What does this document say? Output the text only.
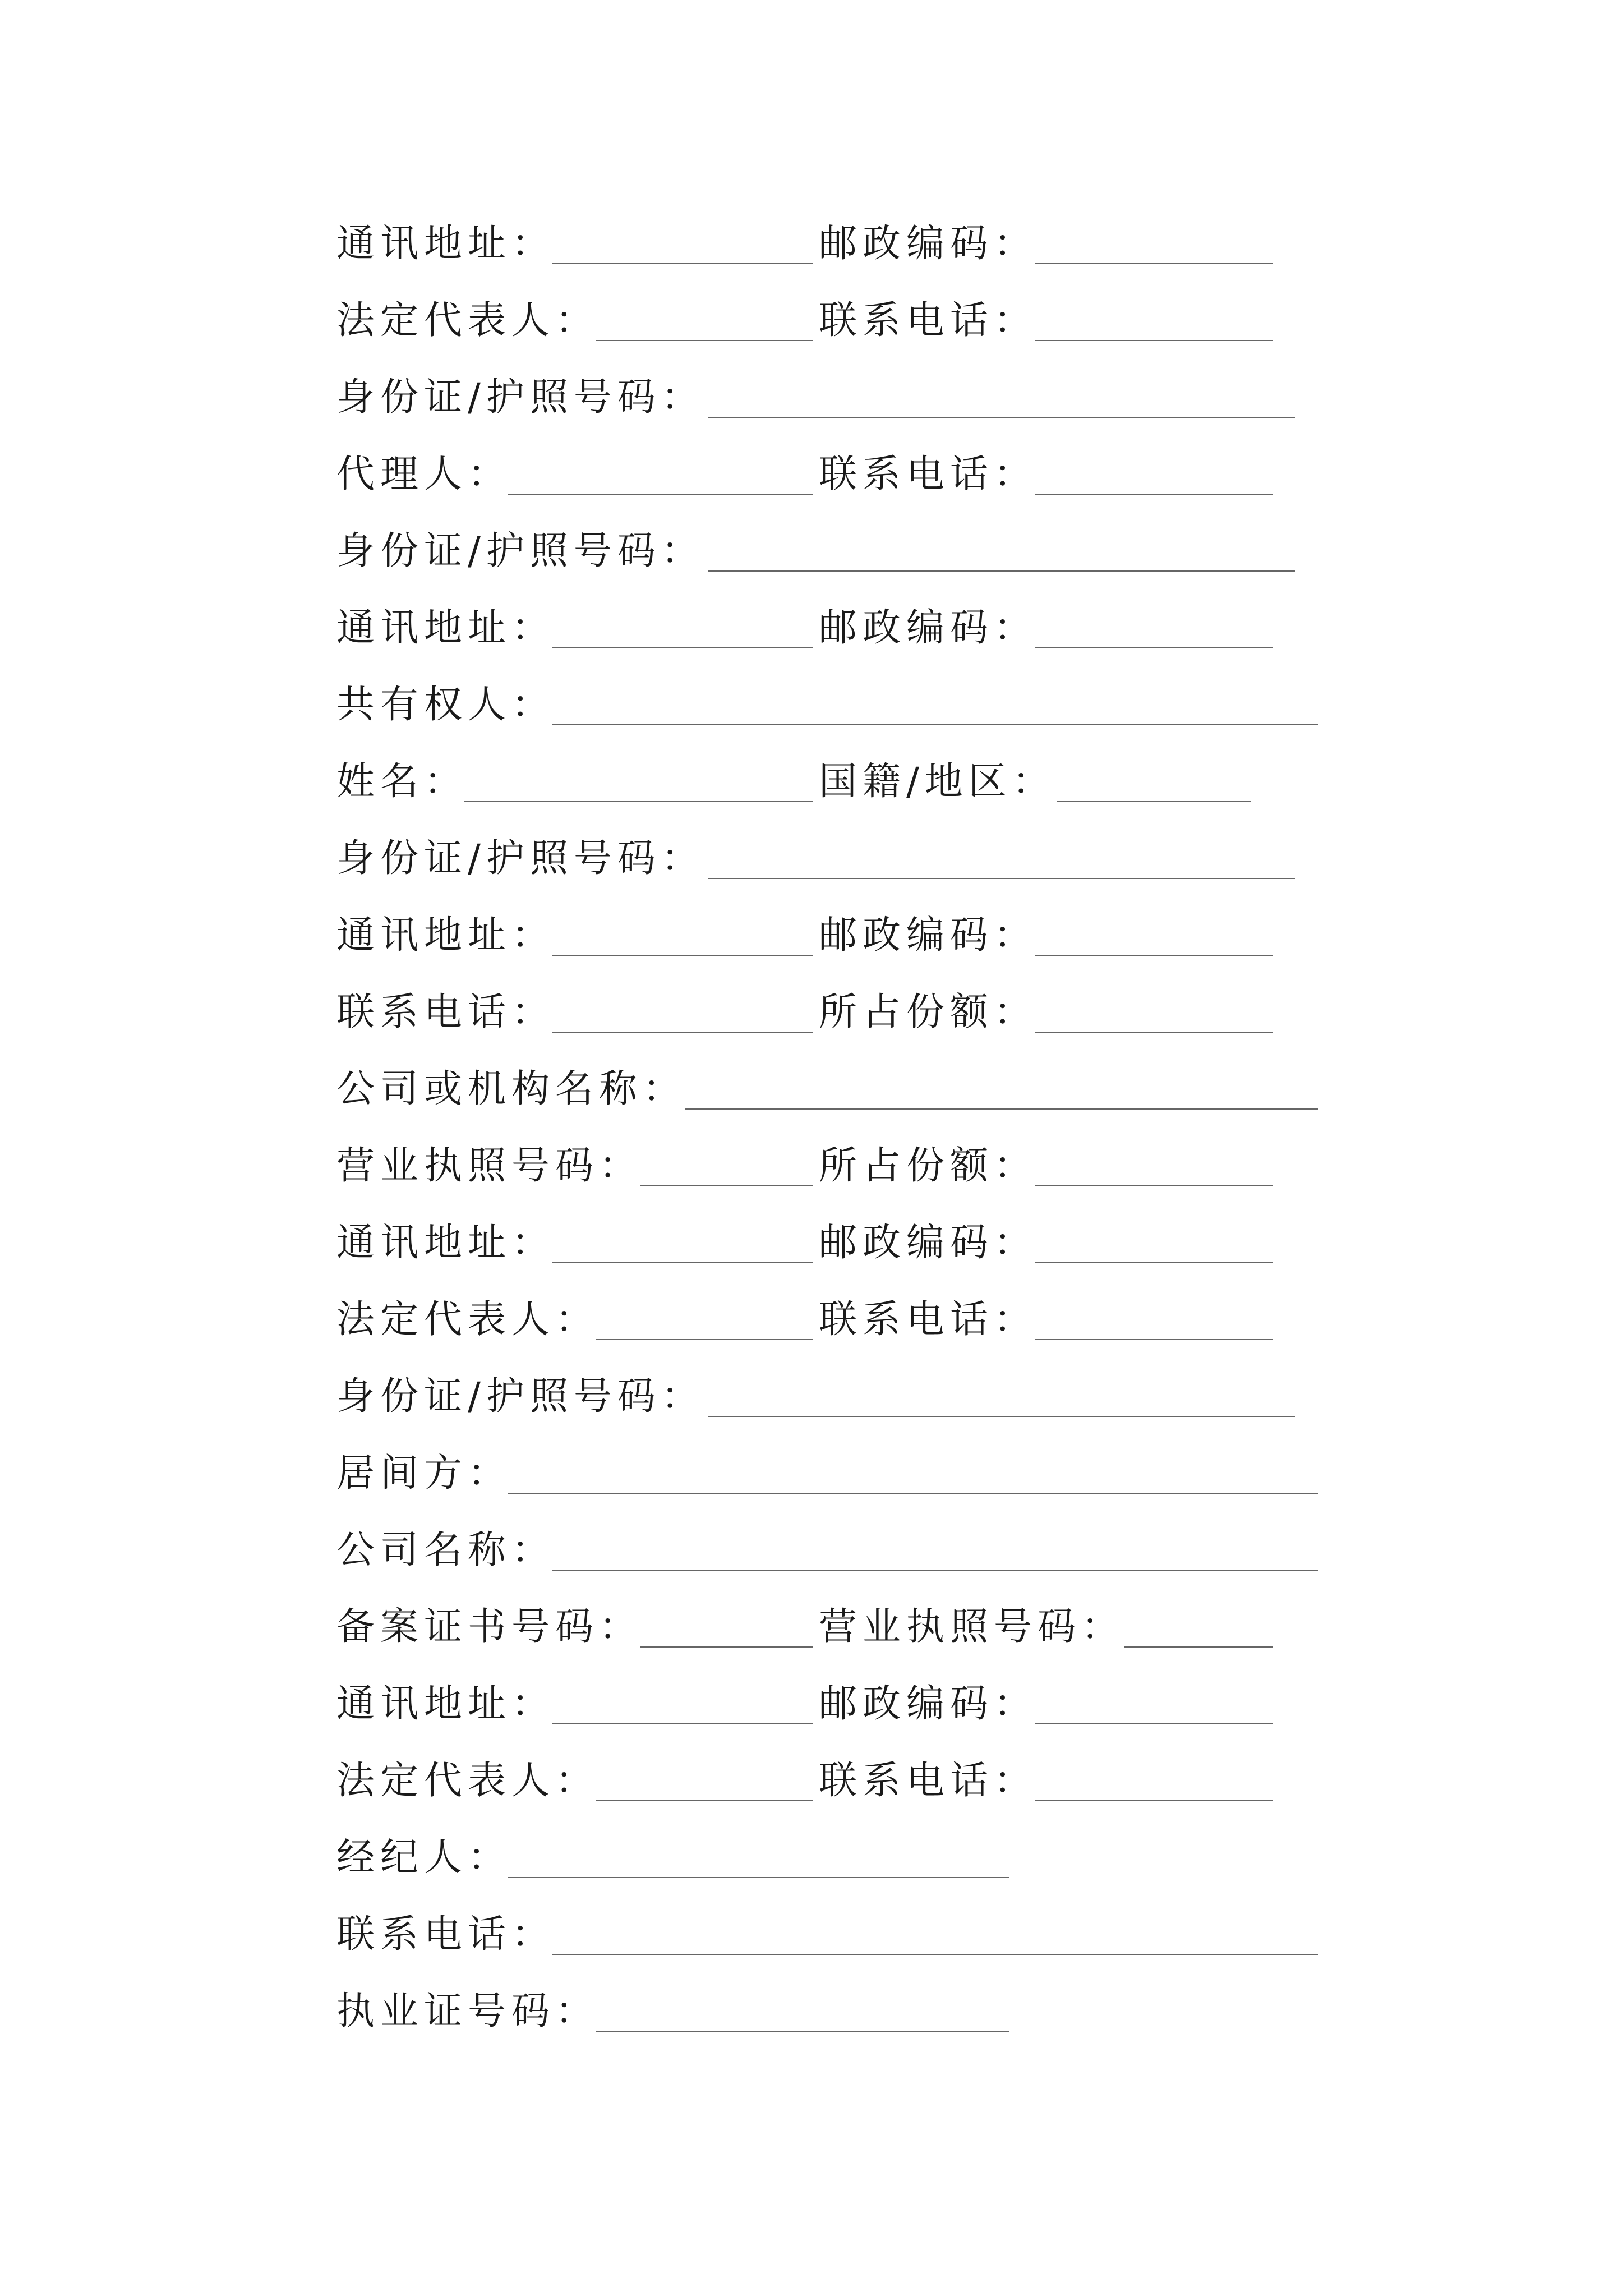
通讯地址：	邮政编码：
法定代表人：	联系电话：
身份证/护照号码：
代理人：	联系电话：
身份证/护照号码：
通讯地址：	邮政编码：
共有权人：
姓名：	国籍/地区：
身份证/护照号码：
通讯地址：	邮政编码：
联系电话：	所占份额：
公司或机构名称：
营业执照号码：	所占份额：
通讯地址：	邮政编码：
法定代表人：	联系电话：
身份证/护照号码：
居间方：
公司名称：
备案证书号码：	营业执照号码：
通讯地址：	邮政编码：
法定代表人：	联系电话：
经纪人：
联系电话：
执业证号码：
